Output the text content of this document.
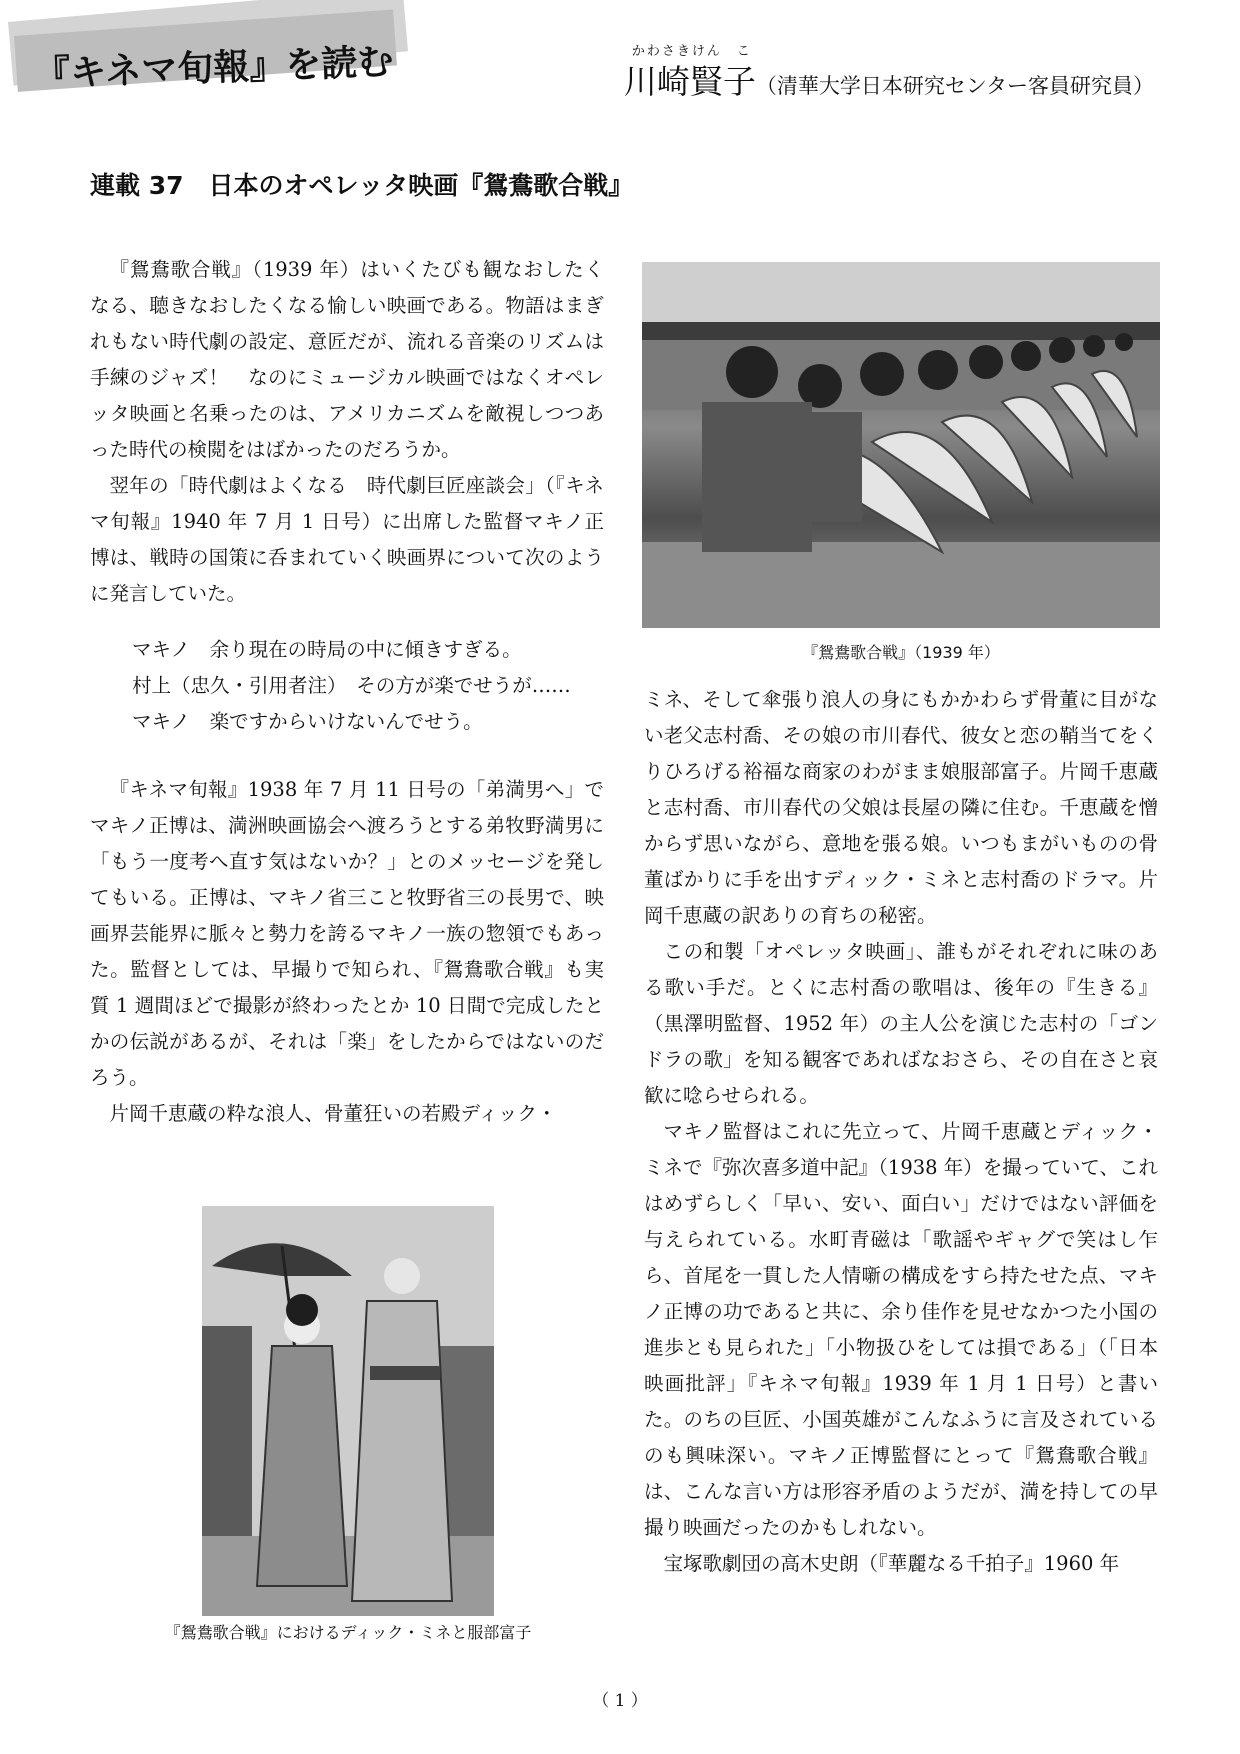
『キネマ旬報』を読む	かわさきけん　こ
川崎賢子（清華大学日本研究センター客員研究員）
連載 37　日本のオペレッタ映画『鴛鴦歌合戦』

『鴛鴦歌合戦』（1939 年）はいくたびも観なおしたくなる、聴きなおしたくなる愉しい映画である。物語はまぎれもない時代劇の設定、意匠だが、流れる音楽のリズムは手練のジャズ！　なのにミュージカル映画ではなくオペレッタ映画と名乗ったのは、アメリカニズムを敵視しつつあった時代の検閲をはばかったのだろうか。

翌年の「時代劇はよくなる　時代劇巨匠座談会」（『キネマ旬報』1940 年 7 月 1 日号）に出席した監督マキノ正博は、戦時の国策に呑まれていく映画界について次のように発言していた。

マキノ　余り現在の時局の中に傾きすぎる。
村上（忠久・引用者注）　その方が楽でせうが……
マキノ　楽ですからいけないんでせう。

『キネマ旬報』1938 年 7 月 11 日号の「弟満男へ」でマキノ正博は、満洲映画協会へ渡ろうとする弟牧野満男に「もう一度考へ直す気はないか？」とのメッセージを発してもいる。正博は、マキノ省三こと牧野省三の長男で、映画界芸能界に脈々と勢力を誇るマキノ一族の惣領でもあった。監督としては、早撮りで知られ、『鴛鴦歌合戦』も実質 1 週間ほどで撮影が終わったとか 10 日間で完成したとかの伝説があるが、それは「楽」をしたからではないのだろう。

片岡千恵蔵の粋な浪人、骨董狂いの若殿ディック・

『鴛鴦歌合戦』（1939 年）
『鴛鴦歌合戦』におけるディック・ミネと服部富子

ミネ、そして傘張り浪人の身にもかかわらず骨董に目がない老父志村喬、その娘の市川春代、彼女と恋の鞘当てをくりひろげる裕福な商家のわがまま娘服部富子。片岡千恵蔵と志村喬、市川春代の父娘は長屋の隣に住む。千恵蔵を憎からず思いながら、意地を張る娘。いつもまがいものの骨董ばかりに手を出すディック・ミネと志村喬のドラマ。片岡千恵蔵の訳ありの育ちの秘密。

この和製「オペレッタ映画」、誰もがそれぞれに味のある歌い手だ。とくに志村喬の歌唱は、後年の『生きる』（黒澤明監督、1952 年）の主人公を演じた志村の「ゴンドラの歌」を知る観客であればなおさら、その自在さと哀歓に唸らせられる。

マキノ監督はこれに先立って、片岡千恵蔵とディック・ミネで『弥次喜多道中記』（1938 年）を撮っていて、これはめずらしく「早い、安い、面白い」だけではない評価を与えられている。水町青磁は「歌謡やギャグで笑はし乍ら、首尾を一貫した人情噺の構成をすら持たせた点、マキノ正博の功であると共に、余り佳作を見せなかつた小国の進歩とも見られた」「小物扱ひをしては損である」（「日本映画批評」『キネマ旬報』1939 年 1 月 1 日号）と書いた。のちの巨匠、小国英雄がこんなふうに言及されているのも興味深い。マキノ正博監督にとって『鴛鴦歌合戦』は、こんな言い方は形容矛盾のようだが、満を持しての早撮り映画だったのかもしれない。

宝塚歌劇団の高木史朗（『華麗なる千拍子』1960 年

（ 1 ）
